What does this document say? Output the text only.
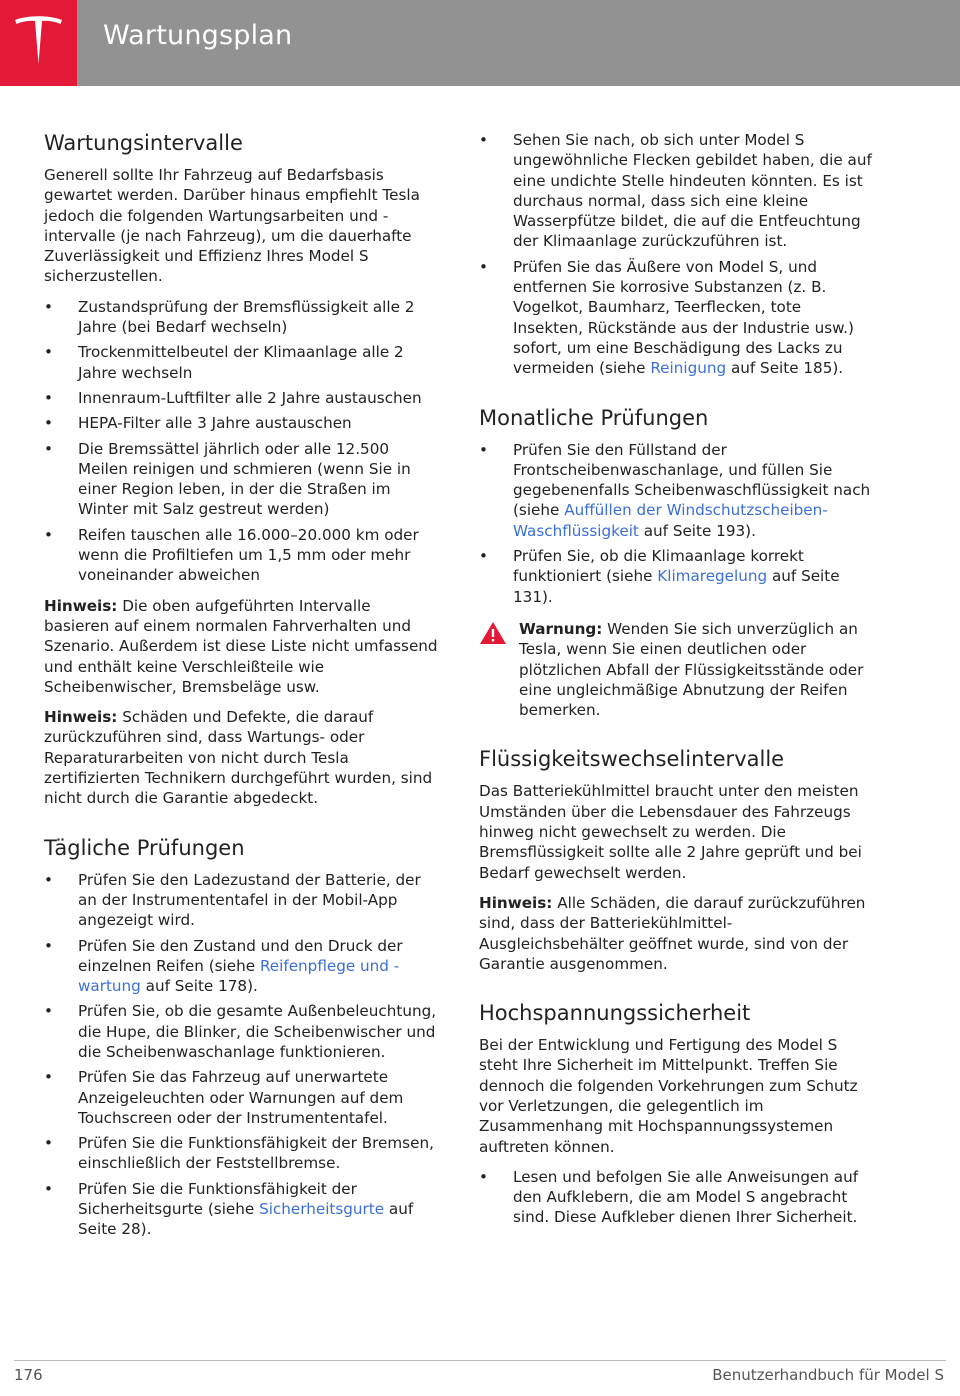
Wartungsplan
Wartungsintervalle

Generell sollte Ihr Fahrzeug auf Bedarfsbasis gewartet werden. Darüber hinaus empfiehlt Tesla jedoch die folgenden Wartungsarbeiten und -intervalle (je nach Fahrzeug), um die dauerhafte Zuverlässigkeit und Effizienz Ihres Model S sicherzustellen.

• Zustandsprüfung der Bremsflüssigkeit alle 2 Jahre (bei Bedarf wechseln)
• Trockenmittelbeutel der Klimaanlage alle 2 Jahre wechseln
• Innenraum-Luftfilter alle 2 Jahre austauschen
• HEPA-Filter alle 3 Jahre austauschen
• Die Bremssättel jährlich oder alle 12.500 Meilen reinigen und schmieren (wenn Sie in einer Region leben, in der die Straßen im Winter mit Salz gestreut werden)
• Reifen tauschen alle 16.000–20.000 km oder wenn die Profiltiefen um 1,5 mm oder mehr voneinander abweichen

Hinweis: Die oben aufgeführten Intervalle basieren auf einem normalen Fahrverhalten und Szenario. Außerdem ist diese Liste nicht umfassend und enthält keine Verschleißteile wie Scheibenwischer, Bremsbeläge usw.

Hinweis: Schäden und Defekte, die darauf zurückzuführen sind, dass Wartungs- oder Reparaturarbeiten von nicht durch Tesla zertifizierten Technikern durchgeführt wurden, sind nicht durch die Garantie abgedeckt.

Tägliche Prüfungen
• Prüfen Sie den Ladezustand der Batterie, der an der Instrumententafel in der Mobil-App angezeigt wird.
• Prüfen Sie den Zustand und den Druck der einzelnen Reifen (siehe Reifenpflege und -wartung auf Seite 178).
• Prüfen Sie, ob die gesamte Außenbeleuchtung, die Hupe, die Blinker, die Scheibenwischer und die Scheibenwaschanlage funktionieren.
• Prüfen Sie das Fahrzeug auf unerwartete Anzeigeleuchten oder Warnungen auf dem Touchscreen oder der Instrumententafel.
• Prüfen Sie die Funktionsfähigkeit der Bremsen, einschließlich der Feststellbremse.
• Prüfen Sie die Funktionsfähigkeit der Sicherheitsgurte (siehe Sicherheitsgurte auf Seite 28).
• Sehen Sie nach, ob sich unter Model S ungewöhnliche Flecken gebildet haben, die auf eine undichte Stelle hindeuten könnten. Es ist durchaus normal, dass sich eine kleine Wasserpfütze bildet, die auf die Entfeuchtung der Klimaanlage zurückzuführen ist.
• Prüfen Sie das Äußere von Model S, und entfernen Sie korrosive Substanzen (z. B. Vogelkot, Baumharz, Teerflecken, tote Insekten, Rückstände aus der Industrie usw.) sofort, um eine Beschädigung des Lacks zu vermeiden (siehe Reinigung auf Seite 185).
Monatliche Prüfungen
• Prüfen Sie den Füllstand der Frontscheibenwaschanlage, und füllen Sie gegebenenfalls Scheibenwaschflüssigkeit nach (siehe Auffüllen der Windschutzscheiben-Waschflüssigkeit auf Seite 193).
• Prüfen Sie, ob die Klimaanlage korrekt funktioniert (siehe Klimaregelung auf Seite 131).
Warnung: Wenden Sie sich unverzüglich an Tesla, wenn Sie einen deutlichen oder plötzlichen Abfall der Flüssigkeitsstände oder eine ungleichmäßige Abnutzung der Reifen bemerken.
Flüssigkeitswechselintervalle

Das Batteriekühlmittel braucht unter den meisten Umständen über die Lebensdauer des Fahrzeugs hinweg nicht gewechselt zu werden. Die Bremsflüssigkeit sollte alle 2 Jahre geprüft und bei Bedarf gewechselt werden.

Hinweis: Alle Schäden, die darauf zurückzuführen sind, dass der Batteriekühlmittel-Ausgleichsbehälter geöffnet wurde, sind von der Garantie ausgenommen.

Hochspannungssicherheit

Bei der Entwicklung und Fertigung des Model S steht Ihre Sicherheit im Mittelpunkt. Treffen Sie dennoch die folgenden Vorkehrungen zum Schutz vor Verletzungen, die gelegentlich im Zusammenhang mit Hochspannungssystemen auftreten können.

• Lesen und befolgen Sie alle Anweisungen auf den Aufklebern, die am Model S angebracht sind. Diese Aufkleber dienen Ihrer Sicherheit.
176	Benutzerhandbuch für Model S
